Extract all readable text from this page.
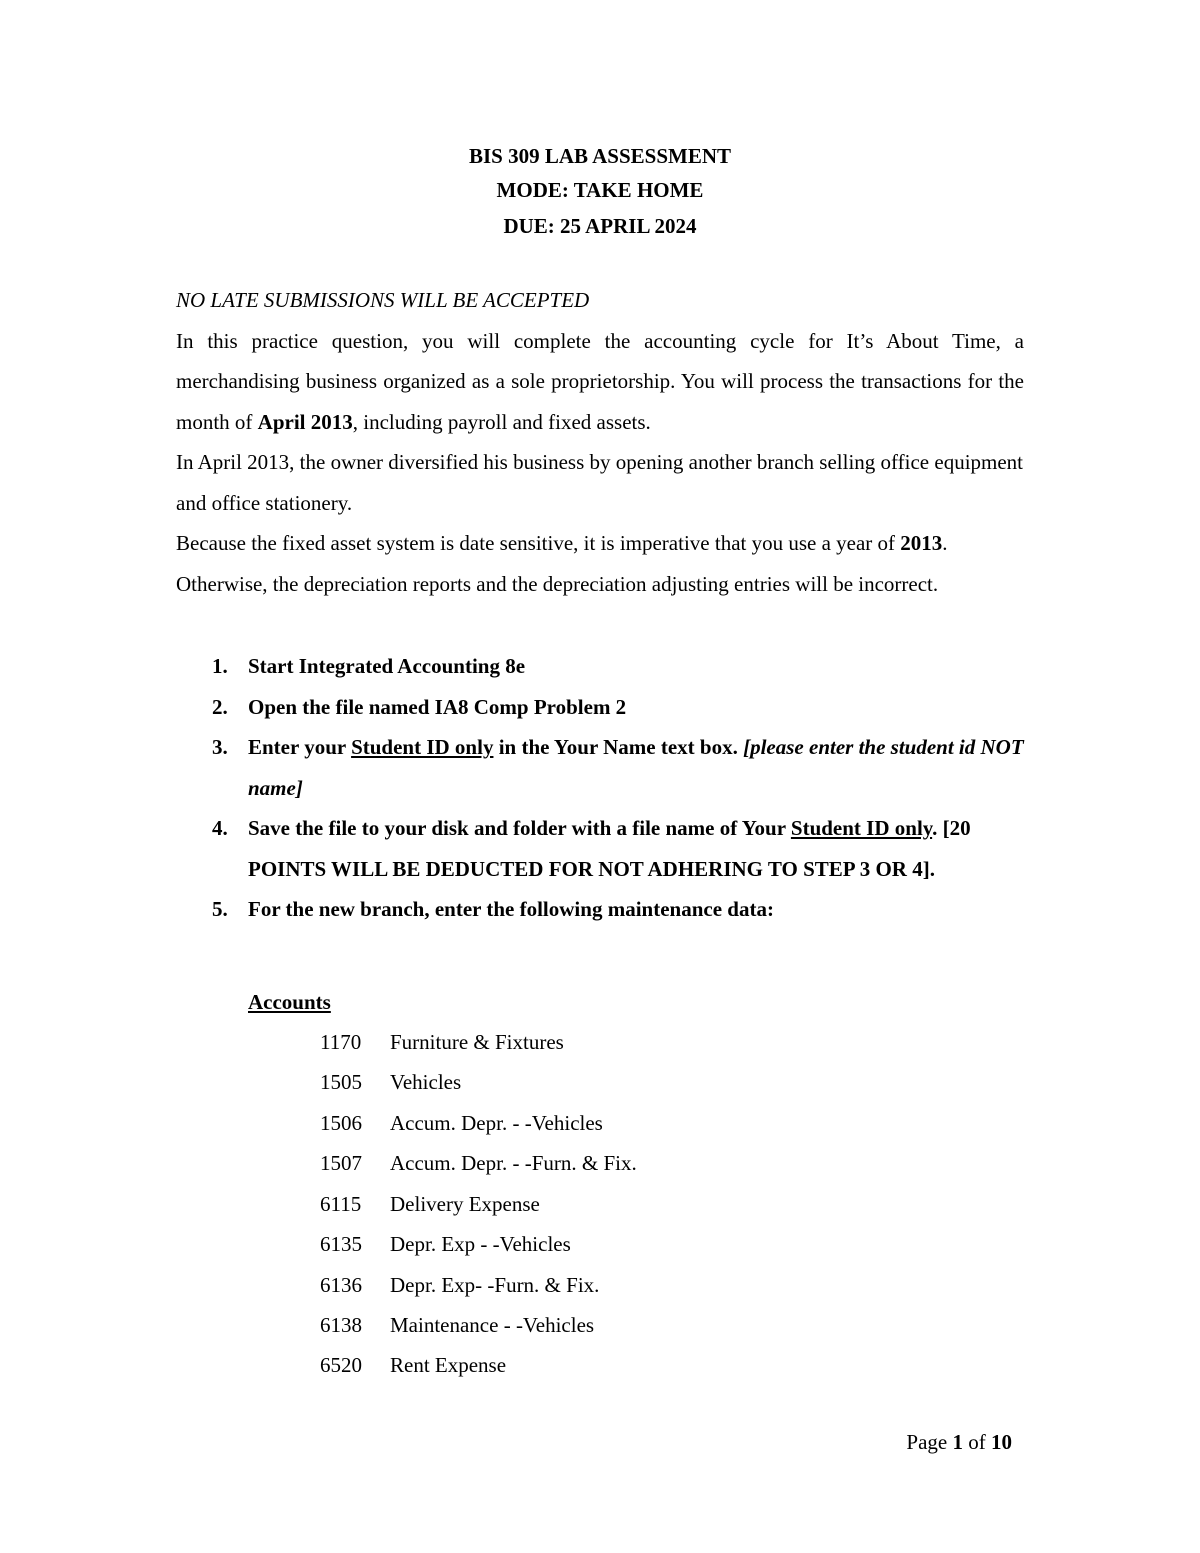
BIS 309 LAB ASSESSMENT
MODE: TAKE HOME
DUE: 25 APRIL 2024
NO LATE SUBMISSIONS WILL BE ACCEPTED
In this practice question, you will complete the accounting cycle for It’s About Time, a merchandising business organized as a sole proprietorship. You will process the transactions for the month of April 2013, including payroll and fixed assets.
In April 2013, the owner diversified his business by opening another branch selling office equipment and office stationery.
Because the fixed asset system is date sensitive, it is imperative that you use a year of 2013.
Otherwise, the depreciation reports and the depreciation adjusting entries will be incorrect.
1. Start Integrated Accounting 8e
2. Open the file named IA8 Comp Problem 2
3. Enter your Student ID only in the Your Name text box. [please enter the student id NOT name]
4. Save the file to your disk and folder with a file name of Your Student ID only. [20 POINTS WILL BE DEDUCTED FOR NOT ADHERING TO STEP 3 OR 4].
5. For the new branch, enter the following maintenance data:
Accounts
1170	Furniture & Fixtures
1505	Vehicles
1506	Accum. Depr. - -Vehicles
1507	Accum. Depr. - -Furn. & Fix.
6115	Delivery Expense
6135	Depr. Exp - -Vehicles
6136	Depr. Exp- -Furn. & Fix.
6138	Maintenance - -Vehicles
6520	Rent Expense
Page 1 of 10
